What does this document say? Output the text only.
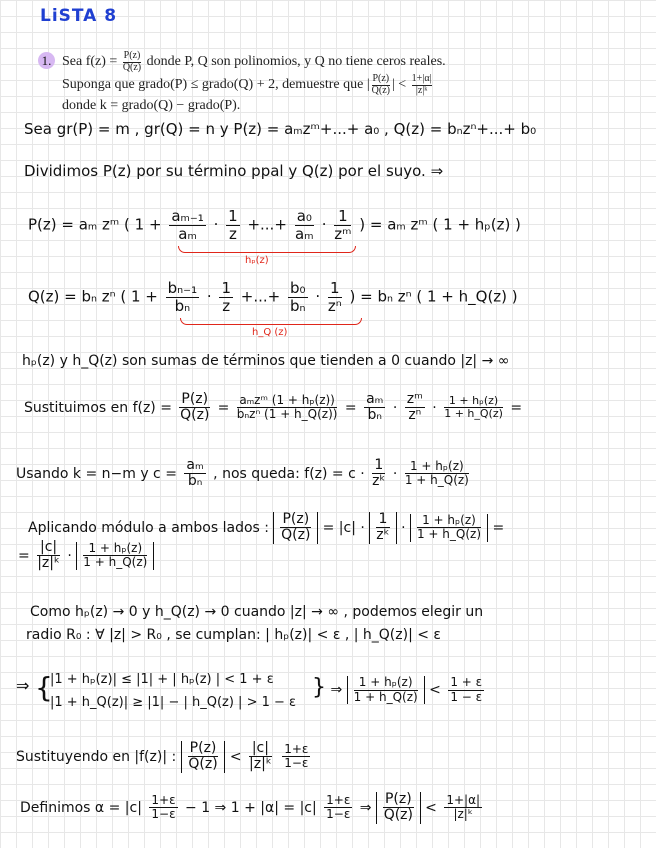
LiSTA 8
1. Sea $f(z) = \frac{P(z)}{Q(z)}$ donde P, Q son polinomios, y Q no tiene ceros reales.
Suponga que grado(P) ≤ grado(Q) + 2, demuestre que | $\frac{P(z)}{Q(z)}$ | < $\frac{1+|\alpha|}{\text{|z|ᵏ}}$
donde k = grado(Q) − grado(P).
Sea gr(P) = m , gr(Q) = n y P(z) = aₘzᵐ+...+ a₀ , Q(z) = bₙzⁿ+...+ b₀
Dividimos P(z) por su término ppal y Q(z) por el suyo. ⇒
P(z) = aₘ zᵐ ( $1 + \frac{\text{aₘ₋₁}}{\text{aₘ}} \cdot \frac{1}{z}$ +...+ $\frac{\text{a₀}}{\text{aₘ}} \cdot \frac{1}{\text{zᵐ}}$ ) = aₘ zᵐ ( 1 + hₚ(z) )
hₚ(z)
Q(z) = bₙ zⁿ ( $1 + \frac{\text{bₙ₋₁}}{\text{bₙ}} \cdot \frac{1}{z}$ +...+ $\frac{\text{b₀}}{\text{bₙ}} \cdot \frac{1}{\text{zⁿ}}$ ) = bₙ zⁿ ( 1 + h_Q(z) )
h_Q (z)
hₚ(z) y h_Q(z) son sumas de términos que tienden a 0 cuando |z| → ∞
Sustituimos en $f(z) = \frac{P(z)}{Q(z)} = \frac{\text{aₘzᵐ (1 + hₚ(z))}}{\text{bₙzⁿ (1 + h\_Q(z))}} = \frac{\text{aₘ}}{\text{bₙ}} \cdot \frac{\text{zᵐ}}{\text{zⁿ}} \cdot \frac{\text{1 + hₚ(z)}}{1 + h\_Q(z)}$ =
Usando k = n−m y $c = \frac{\text{aₘ}}{\text{bₙ}}$ , nos queda: $f(z) = c \cdot \frac{1}{\text{zᵏ}} \cdot \frac{\text{1 + hₚ(z)}}{1 + h\_Q(z)}$
Aplicando módulo a ambos lados : $\frac{P(z)}{Q(z)} = |c| \cdot \frac{1}{\text{zᵏ}} \cdot \frac{\text{1 + hₚ(z)}}{1 + h\_Q(z)}$ =
= $\frac{|c|}{\text{|z|ᵏ}} \cdot \frac{\text{1 + hₚ(z)}}{1 + h\_Q(z)}$
Como hₚ(z) → 0 y h_Q(z) → 0 cuando |z| → ∞ , podemos elegir un
radio R₀ : ∀ |z| > R₀ , se cumplan: | hₚ(z)| < ε , | h_Q(z)| < ε
⇒ {
|1 + hₚ(z)| ≤ |1| + | hₚ(z) | < 1 + ε
|1 + h_Q(z)| ≥ |1| − | h_Q(z) | > 1 − ε
} ⇒ $\frac{\text{1 + hₚ(z)}}{1 + h\_Q(z)} < \frac{1 + \varepsilon}{1 - \varepsilon}$
Sustituyendo en |f(z)| : $\frac{P(z)}{Q(z)} < \frac{|c|}{\text{|z|ᵏ}}$
$\frac{1+\varepsilon}{1-\varepsilon}$
Definimos $\alpha = |c| \frac{1+\varepsilon}{1-\varepsilon} - 1$ ⇒ $1 + |\alpha| = |c| \frac{1+\varepsilon}{1-\varepsilon}$ ⇒ $\frac{P(z)}{Q(z)} < \frac{1+|\alpha|}{\text{|z|ᵏ}}$
